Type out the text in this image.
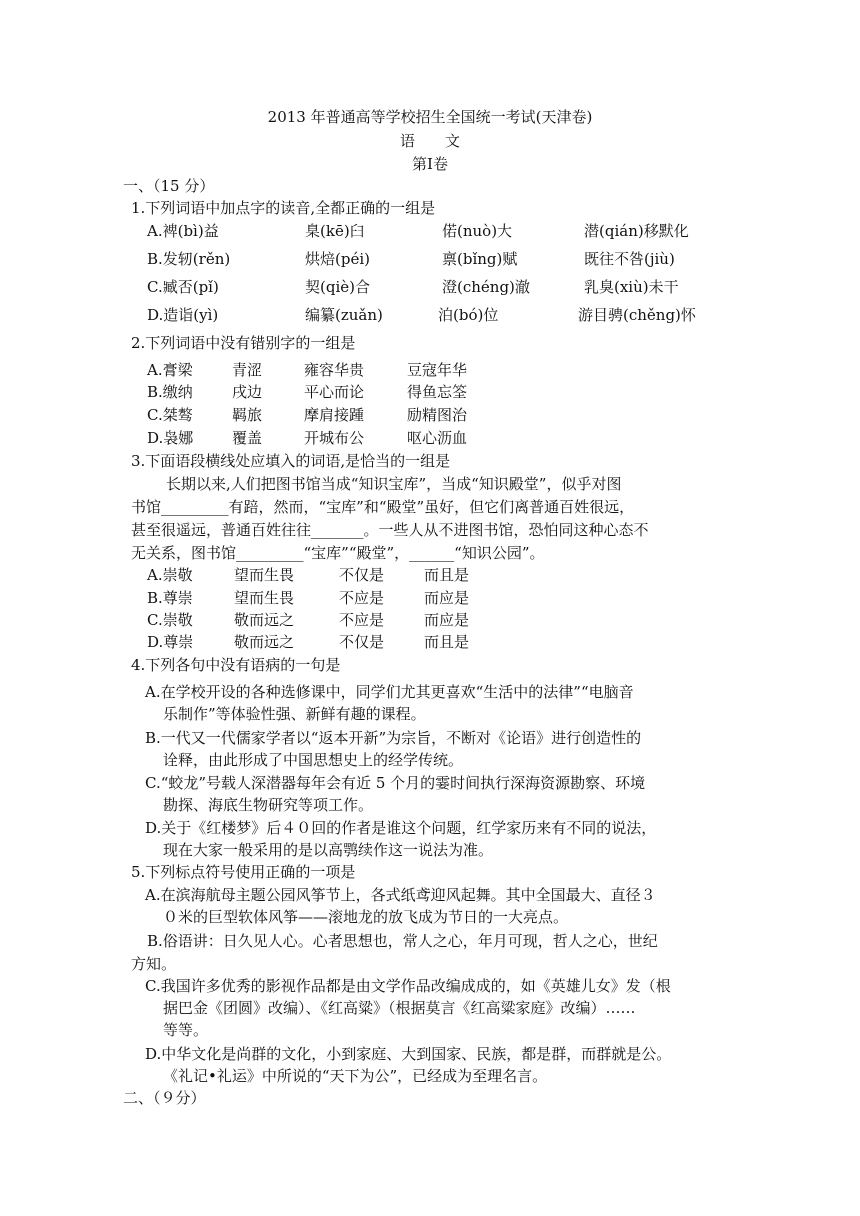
2013 年普通高等学校招生全国统一考试(天津卷)
语　　文
第Ⅰ卷
一、（15 分）
1.下列词语中加点字的读音,全都正确的一组是
A.裨(bì)益	臬(kē)臼	偌(nuò)大	潜(qián)移默化
B.发轫(rěn)	烘焙(péi)	禀(bǐng)赋	既往不咎(jiù)
C.臧否(pǐ)	契(qiè)合	澄(chéng)澈	乳臭(xiù)未干
D.造诣(yì)	编纂(zuǎn)	泊(bó)位	游目骋(chěng)怀
2.下列词语中没有错别字的一组是
A.膏梁	青涩	雍容华贵	豆寇年华
B.缴纳	戌边	平心而论	得鱼忘筌
C.桀骜	羁旅	摩肩接踵	励精图治
D.袅娜	覆盖	开城布公	呕心沥血
3.下面语段横线处应填入的词语,是恰当的一组是
长期以来,人们把图书馆当成“知识宝库”，当成“知识殿堂”，似乎对图
书馆_________有踣，然而，“宝库”和“殿堂”虽好，但它们离普通百姓很远，
甚至很遥远，普通百姓往往_______。一些人从不进图书馆，恐怕同这种心态不
无关系，图书馆_________“宝库”“殿堂”，______“知识公园”。
A.崇敬	望而生畏	不仅是	而且是
B.尊崇	望而生畏	不应是	而应是
C.崇敬	敬而远之	不应是	而应是
D.尊崇	敬而远之	不仅是	而且是
4.下列各句中没有语病的一句是
A.在学校开设的各种选修课中，同学们尤其更喜欢“生活中的法律”“电脑音
乐制作”等体验性强、新鲜有趣的课程。
B.一代又一代儒家学者以“返本开新”为宗旨，不断对《论语》进行创造性的
诠释，由此形成了中国思想史上的经学传统。
C.“蛟龙”号载人深潜器每年会有近 5 个月的霎时间执行深海资源勘察、环境
勘探、海底生物研究等项工作。
D.关于《红楼梦》后４０回的作者是谁这个问题，红学家历来有不同的说法，
现在大家一般采用的是以高鹗续作这一说法为准。
5.下列标点符号使用正确的一项是
A.在滨海航母主题公园风筝节上，各式纸鸢迎风起舞。其中全国最大、直径３
０米的巨型软体风筝——滚地龙的放飞成为节日的一大亮点。
B.俗语讲：日久见人心。心者思想也，常人之心，年月可现，哲人之心，世纪
方知。
C.我国许多优秀的影视作品都是由文学作品改编成成的，如《英雄儿女》发（根
据巴金《团圆》改编）、《红高粱》（根据莫言《红高粱家庭》改编）……
等等。
D.中华文化是尚群的文化，小到家庭、大到国家、民族，都是群，而群就是公。
《礼记•礼运》中所说的“天下为公”，已经成为至理名言。
二、（９分）
